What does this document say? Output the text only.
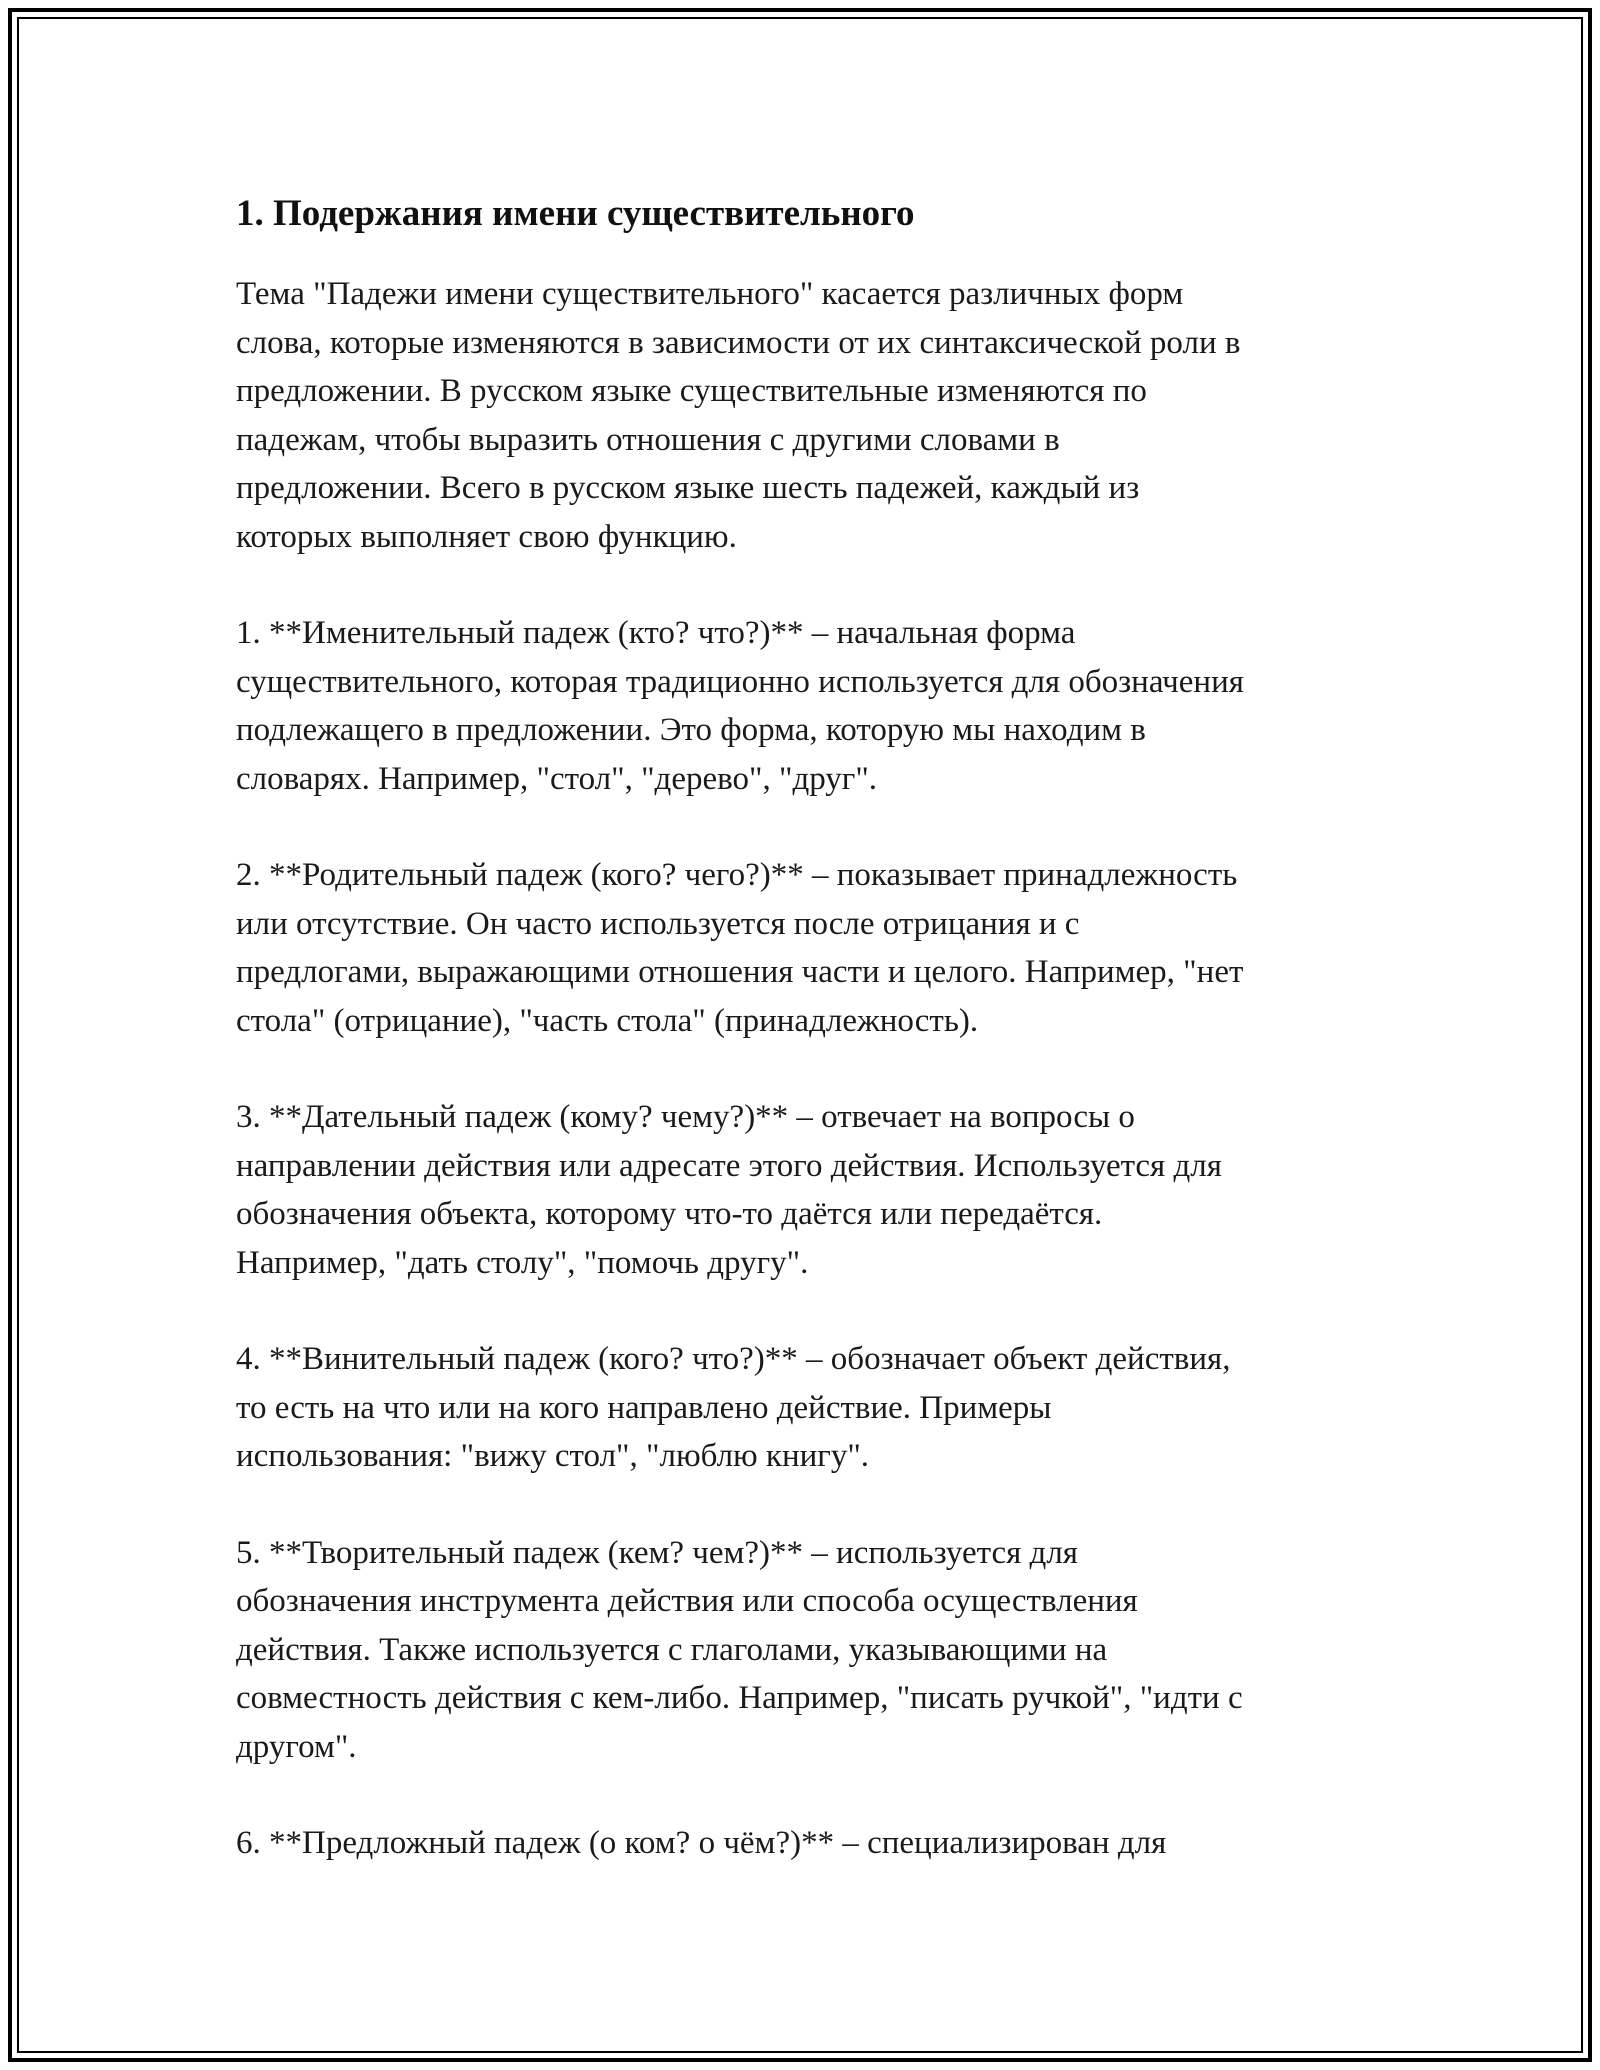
1. Подержания имени существительного

Тема "Падежи имени существительного" касается различных форм
слова, которые изменяются в зависимости от их синтаксической роли в
предложении. В русском языке существительные изменяются по
падежам, чтобы выразить отношения с другими словами в
предложении. Всего в русском языке шесть падежей, каждый из
которых выполняет свою функцию.

1. **Именительный падеж (кто? что?)** – начальная форма
существительного, которая традиционно используется для обозначения
подлежащего в предложении. Это форма, которую мы находим в
словарях. Например, "стол", "дерево", "друг".

2. **Родительный падеж (кого? чего?)** – показывает принадлежность
или отсутствие. Он часто используется после отрицания и с
предлогами, выражающими отношения части и целого. Например, "нет
стола" (отрицание), "часть стола" (принадлежность).

3. **Дательный падеж (кому? чему?)** – отвечает на вопросы о
направлении действия или адресате этого действия. Используется для
обозначения объекта, которому что-то даётся или передаётся.
Например, "дать столу", "помочь другу".

4. **Винительный падеж (кого? что?)** – обозначает объект действия,
то есть на что или на кого направлено действие. Примеры
использования: "вижу стол", "люблю книгу".

5. **Творительный падеж (кем? чем?)** – используется для
обозначения инструмента действия или способа осуществления
действия. Также используется с глаголами, указывающими на
совместность действия с кем-либо. Например, "писать ручкой", "идти с
другом".

6. **Предложный падеж (о ком? о чём?)** – специализирован для
